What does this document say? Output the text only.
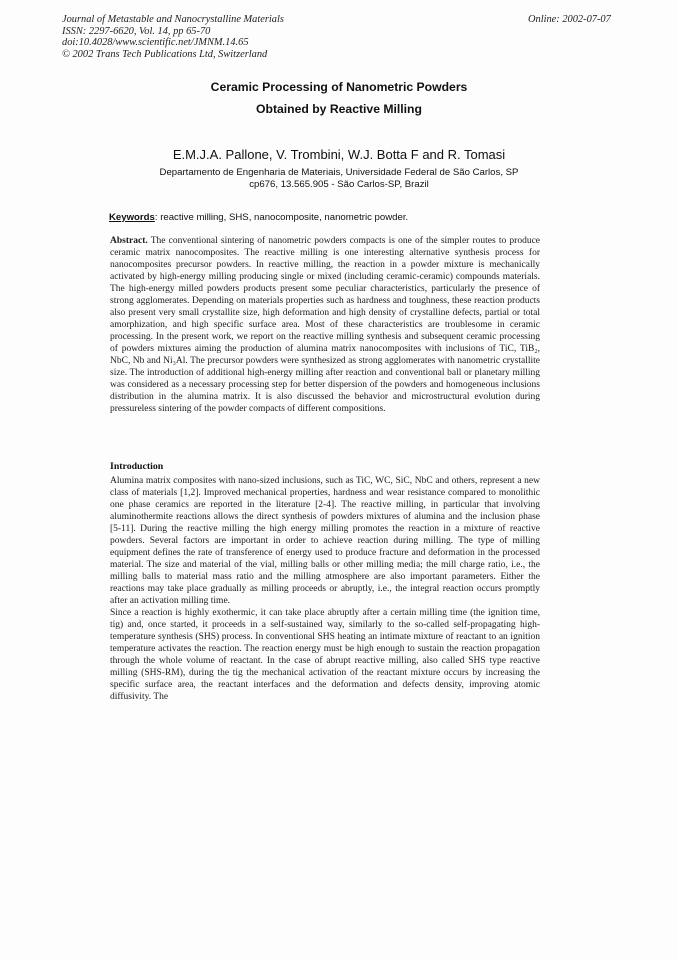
Journal of Metastable and Nanocrystalline Materials
ISSN: 2297-6620, Vol. 14, pp 65-70
doi:10.4028/www.scientific.net/JMNM.14.65
© 2002 Trans Tech Publications Ltd, Switzerland
Online: 2002-07-07
Ceramic Processing of Nanometric Powders
Obtained by Reactive Milling
E.M.J.A. Pallone, V. Trombini, W.J. Botta F and R. Tomasi
Departamento de Engenharia de Materiais, Universidade Federal de São Carlos, SP
cp676, 13.565.905 - São Carlos-SP, Brazil
Keywords: reactive milling, SHS, nanocomposite, nanometric powder.

Abstract. The conventional sintering of nanometric powders compacts is one of the simpler routes to produce ceramic matrix nanocomposites. The reactive milling is one interesting alternative synthesis process for nanocomposites precursor powders. In reactive milling, the reaction in a powder mixture is mechanically activated by high-energy milling producing single or mixed (including ceramic-ceramic) compounds materials. The high-energy milled powders products present some peculiar characteristics, particularly the presence of strong agglomerates. Depending on materials properties such as hardness and toughness, these reaction products also present very small crystallite size, high deformation and high density of crystalline defects, partial or total amorphization, and high specific surface area. Most of these characteristics are troublesome in ceramic processing. In the present work, we report on the reactive milling synthesis and subsequent ceramic processing of powders mixtures aiming the production of alumina matrix nanocomposites with inclusions of TiC, TiB₂, NbC, Nb and Ni₃Al. The precursor powders were synthesized as strong agglomerates with nanometric crystallite size. The introduction of additional high-energy milling after reaction and conventional ball or planetary milling was considered as a necessary processing step for better dispersion of the powders and homogeneous inclusions distribution in the alumina matrix. It is also discussed the behavior and microstructural evolution during pressureless sintering of the powder compacts of different compositions.

Introduction

Alumina matrix composites with nano-sized inclusions, such as TiC, WC, SiC, NbC and others, represent a new class of materials [1,2]. Improved mechanical properties, hardness and wear resistance compared to monolithic one phase ceramics are reported in the literature [2-4]. The reactive milling, in particular that involving aluminothermite reactions allows the direct synthesis of powders mixtures of alumina and the inclusion phase [5-11]. During the reactive milling the high energy milling promotes the reaction in a mixture of reactive powders. Several factors are important in order to achieve reaction during milling. The type of milling equipment defines the rate of transference of energy used to produce fracture and deformation in the processed material. The size and material of the vial, milling balls or other milling media; the mill charge ratio, i.e., the milling balls to material mass ratio and the milling atmosphere are also important parameters. Either the reactions may take place gradually as milling proceeds or abruptly, i.e., the integral reaction occurs promptly after an activation milling time.

Since a reaction is highly exothermic, it can take place abruptly after a certain milling time (the ignition time, tig) and, once started, it proceeds in a self-sustained way, similarly to the so-called self-propagating high-temperature synthesis (SHS) process. In conventional SHS heating an intimate mixture of reactant to an ignition temperature activates the reaction. The reaction energy must be high enough to sustain the reaction propagation through the whole volume of reactant. In the case of abrupt reactive milling, also called SHS type reactive milling (SHS-RM), during the tig the mechanical activation of the reactant mixture occurs by increasing the specific surface area, the reactant interfaces and the deformation and defects density, improving atomic diffusivity. The
